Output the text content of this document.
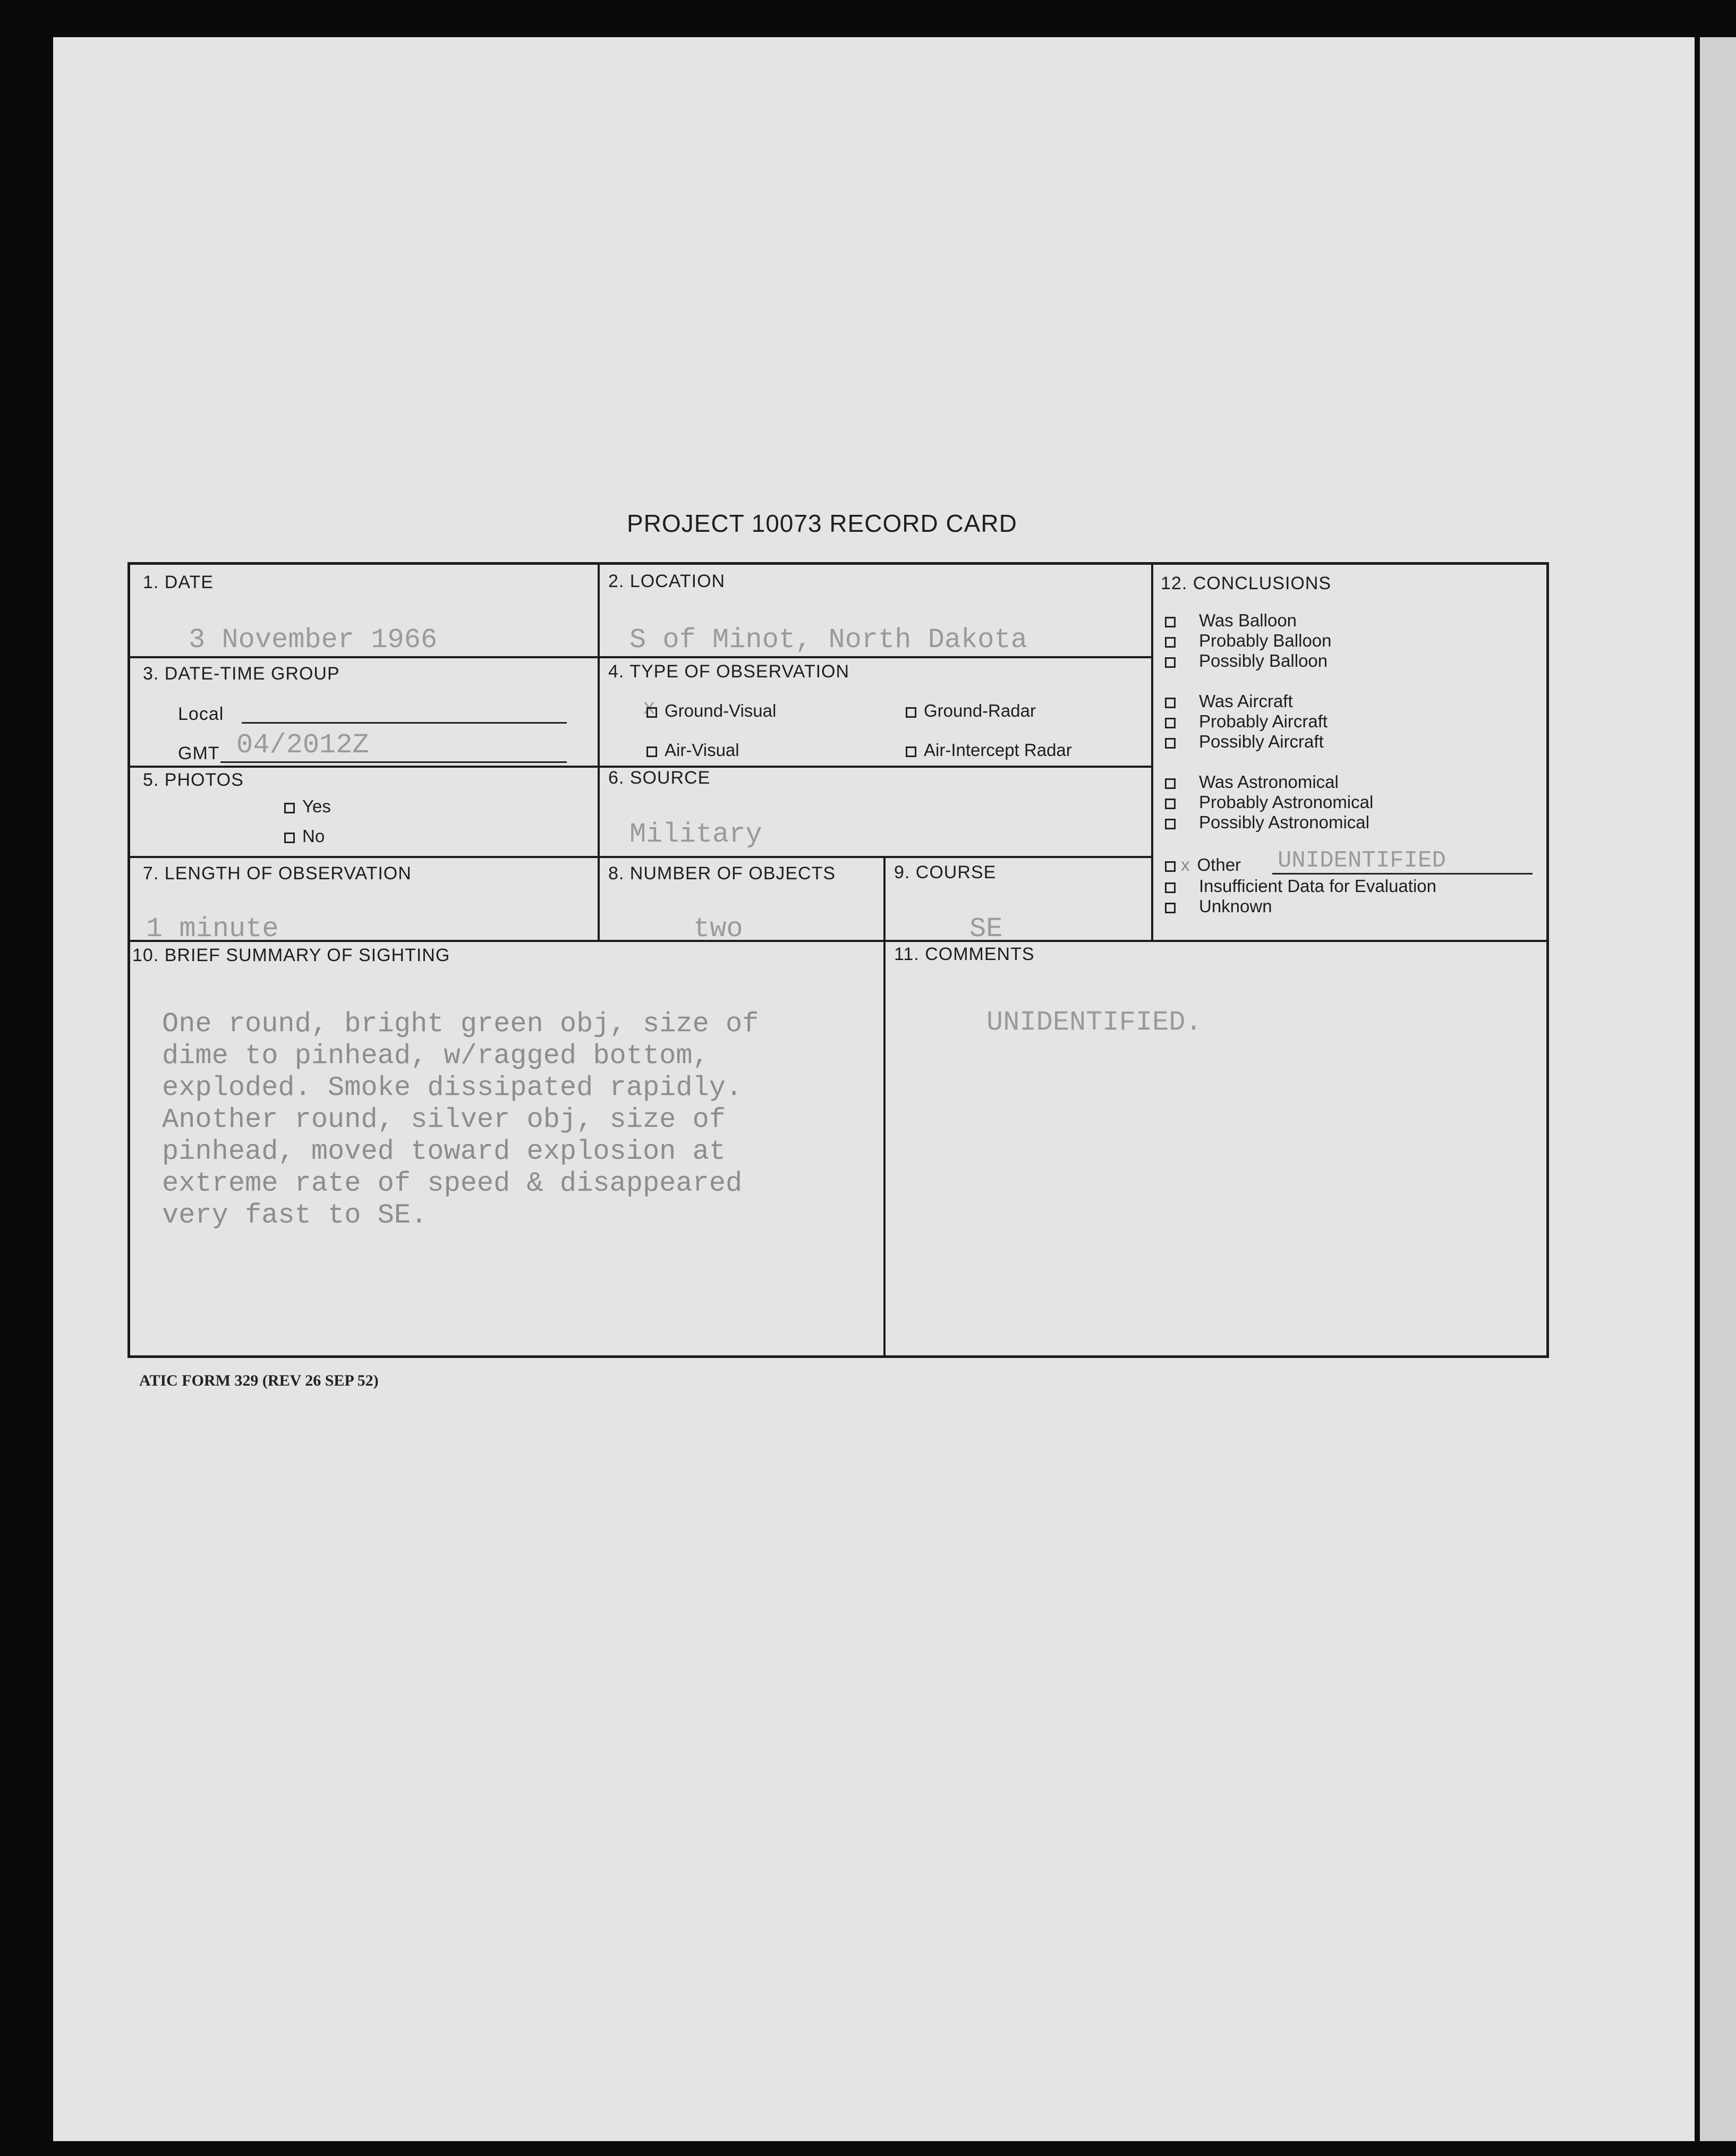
PROJECT 10073 RECORD CARD
1. DATE
3 November 1966
2. LOCATION
S of Minot, North Dakota
3. DATE-TIME GROUP
Local
GMT 04/2012Z
4. TYPE OF OBSERVATION
x Ground-Visual	Ground-Radar
Air-Visual	Air-Intercept Radar
5. PHOTOS
Yes
No
6. SOURCE
Military
7. LENGTH OF OBSERVATION
1 minute
8. NUMBER OF OBJECTS
two
9. COURSE
SE
10. BRIEF SUMMARY OF SIGHTING
One round, bright green obj, size of
dime to pinhead, w/ragged bottom,
exploded. Smoke dissipated rapidly.
Another round, silver obj, size of
pinhead, moved toward explosion at
extreme rate of speed & disappeared
very fast to SE.
11. COMMENTS
UNIDENTIFIED.
12. CONCLUSIONS
Was Balloon
Probably Balloon
Possibly Balloon
Was Aircraft
Probably Aircraft
Possibly Aircraft
Was Astronomical
Probably Astronomical
Possibly Astronomical
x Other UNIDENTIFIED
Insufficient Data for Evaluation
Unknown
ATIC FORM 329 (REV 26 SEP 52)
